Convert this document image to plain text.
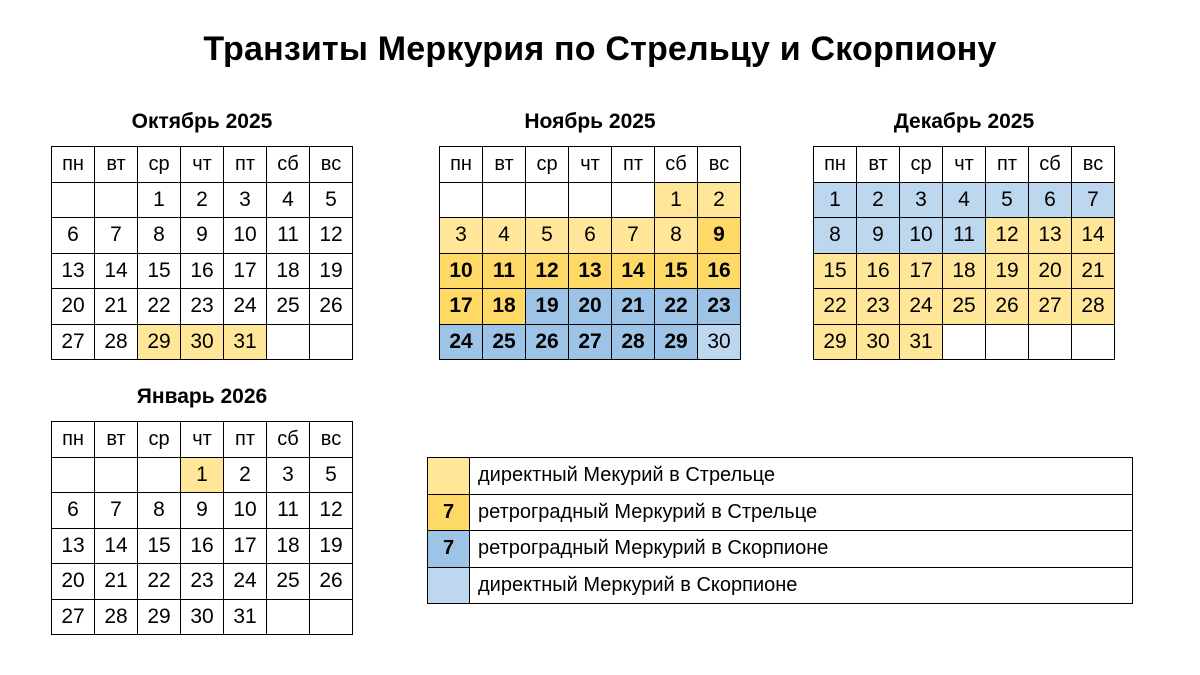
Транзиты Меркурия по Стрельцу и Скорпиону
Октябрь 2025
пн	вт	ср	чт	пт	сб	вс
		1	2	3	4	5
6	7	8	9	10	11	12
13	14	15	16	17	18	19
20	21	22	23	24	25	26
27	28	29	30	31		
Ноябрь 2025
пн	вт	ср	чт	пт	сб	вс
					1	2
3	4	5	6	7	8	9
10	11	12	13	14	15	16
17	18	19	20	21	22	23
24	25	26	27	28	29	30
Декабрь 2025
пн	вт	ср	чт	пт	сб	вс
1	2	3	4	5	6	7
8	9	10	11	12	13	14
15	16	17	18	19	20	21
22	23	24	25	26	27	28
29	30	31				
Январь 2026
пн	вт	ср	чт	пт	сб	вс
			1	2	3	5
6	7	8	9	10	11	12
13	14	15	16	17	18	19
20	21	22	23	24	25	26
27	28	29	30	31		
	директный Мекурий в Стрельце
7	ретроградный Меркурий в Стрельце
7	ретроградный Меркурий в Скорпионе
	директный Меркурий в Скорпионе
